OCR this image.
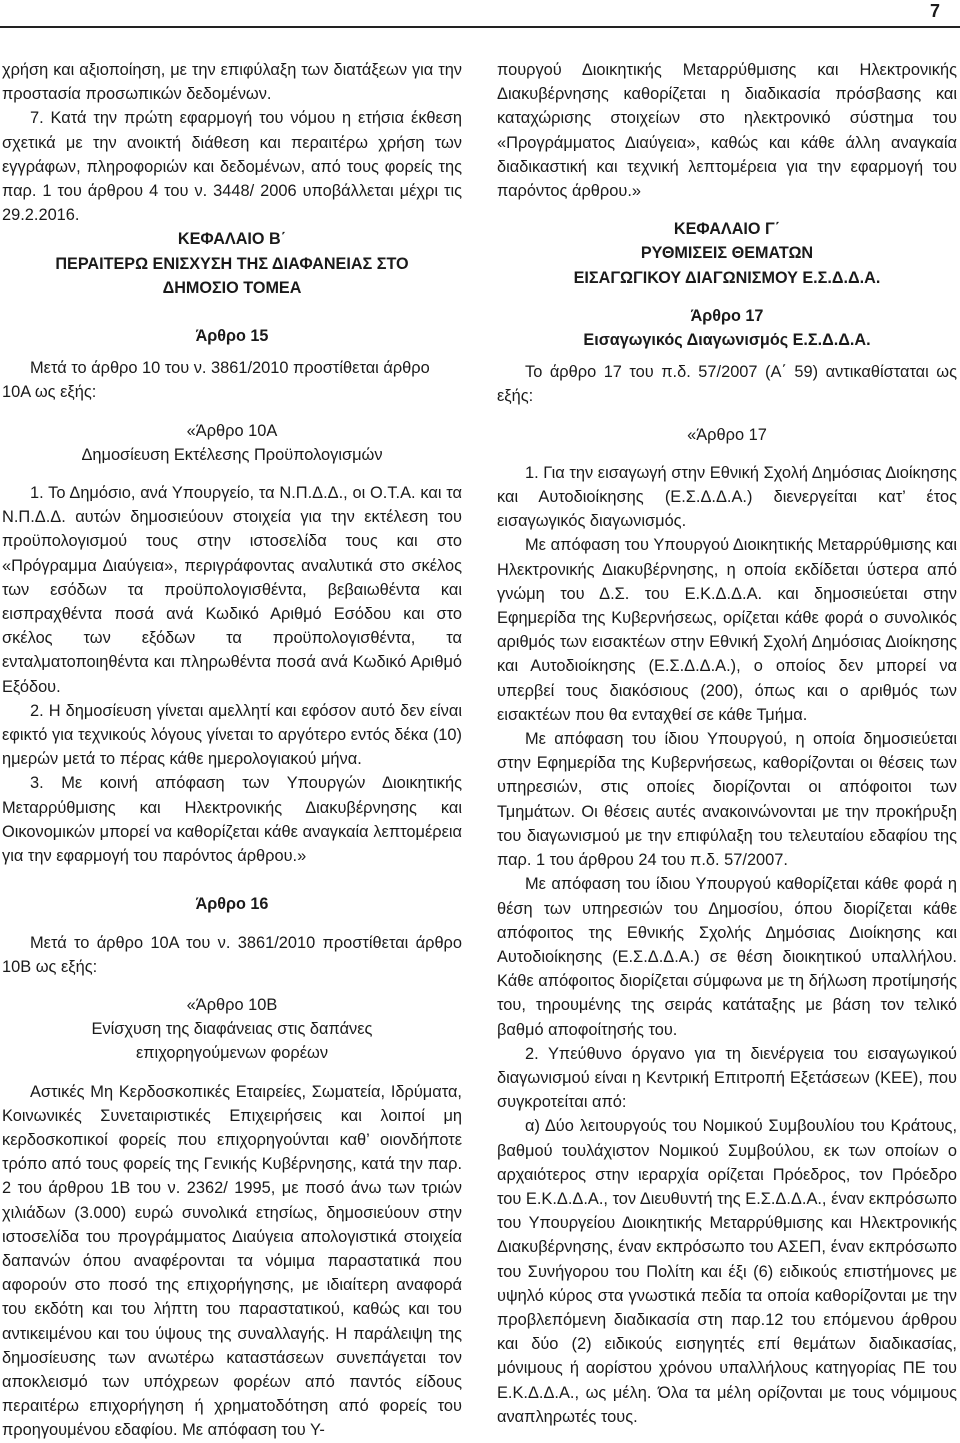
7

χρήση και αξιοποίηση, με την επιφύλαξη των διατάξεων για την προστασία προσωπικών δεδομένων.

7. Κατά την πρώτη εφαρμογή του νόμου η ετήσια έκθεση σχετικά με την ανοικτή διάθεση και περαιτέρω χρήση των εγγράφων, πληροφοριών και δεδομένων, από τους φορείς της παρ. 1 του άρθρου 4 του ν. 3448/ 2006 υποβάλλεται μέχρι τις 29.2.2016.

ΚΕΦΑΛΑΙΟ Β΄
ΠΕΡΑΙΤΕΡΩ ΕΝΙΣΧΥΣΗ ΤΗΣ ΔΙΑΦΑΝΕΙΑΣ ΣΤΟ
ΔΗΜΟΣΙΟ ΤΟΜΕΑ
Άρθρο 15

Μετά το άρθρο 10 του ν. 3861/2010 προστίθεται άρθρο 10Α ως εξής:

«Άρθρο 10Α
Δημοσίευση Εκτέλεσης Προϋπολογισμών

1. Το Δημόσιο, ανά Υπουργείο, τα Ν.Π.Δ.Δ., οι Ο.Τ.Α. και τα Ν.Π.Δ.Δ. αυτών δημοσιεύουν στοιχεία για την εκτέλεση του προϋπολογισμού τους στην ιστοσελίδα τους και στο «Πρόγραμμα Διαύγεια», περιγράφοντας αναλυτικά στο σκέλος των εσόδων τα προϋπολογισθέντα, βεβαιωθέντα και εισπραχθέντα ποσά ανά Κωδικό Αριθμό Εσόδου και στο σκέλος των εξόδων τα προϋπολογισθέντα, τα ενταλματοποιηθέντα και πληρωθέντα ποσά ανά Κωδικό Αριθμό Εξόδου.

2. Η δημοσίευση γίνεται αμελλητί και εφόσον αυτό δεν είναι εφικτό για τεχνικούς λόγους γίνεται το αργότερο εντός δέκα (10) ημερών μετά το πέρας κάθε ημερολογιακού μήνα.

3. Με κοινή απόφαση των Υπουργών Διοικητικής Μεταρρύθμισης και Ηλεκτρονικής Διακυβέρνησης και Οικονομικών μπορεί να καθορίζεται κάθε αναγκαία λεπτομέρεια για την εφαρμογή του παρόντος άρθρου.»

Άρθρο 16

Μετά το άρθρο 10Α του ν. 3861/2010 προστίθεται άρθρο 10Β ως εξής:

«Άρθρο 10Β
Ενίσχυση της διαφάνειας στις δαπάνες
επιχορηγούμενων φορέων

Αστικές Μη Κερδοσκοπικές Εταιρείες, Σωματεία, Ιδρύματα, Κοινωνικές Συνεταιριστικές Επιχειρήσεις και λοιποί μη κερδοσκοπικοί φορείς που επιχορηγούνται καθ’ οιονδήποτε τρόπο από τους φορείς της Γενικής Κυβέρνησης, κατά την παρ. 2 του άρθρου 1Β του ν. 2362/ 1995, με ποσό άνω των τριών χιλιάδων (3.000) ευρώ συνολικά ετησίως, δημοσιεύουν στην ιστοσελίδα του προγράμματος Διαύγεια απολογιστικά στοιχεία δαπανών όπου αναφέρονται τα νόμιμα παραστατικά που αφορούν στο ποσό της επιχορήγησης, με ιδιαίτερη αναφορά του εκδότη και του λήπτη του παραστατικού, καθώς και του αντικειμένου και του ύψους της συναλλαγής. Η παράλειψη της δημοσίευσης των ανωτέρω καταστάσεων συνεπάγεται τον αποκλεισμό των υπόχρεων φορέων από παντός είδους περαιτέρω επιχορήγηση ή χρηματοδότηση από φορείς του προηγουμένου εδαφίου. Με απόφαση του Υ-

πουργού Διοικητικής Μεταρρύθμισης και Ηλεκτρονικής Διακυβέρνησης καθορίζεται η διαδικασία πρόσβασης και καταχώρισης στοιχείων στο ηλεκτρονικό σύστημα του «Προγράμματος Διαύγεια», καθώς και κάθε άλλη αναγκαία διαδικαστική και τεχνική λεπτομέρεια για την εφαρμογή του παρόντος άρθρου.»

ΚΕΦΑΛΑΙΟ Γ΄
ΡΥΘΜΙΣΕΙΣ ΘΕΜΑΤΩΝ
ΕΙΣΑΓΩΓΙΚΟΥ ΔΙΑΓΩΝΙΣΜΟΥ Ε.Σ.Δ.Δ.Α.
Άρθρο 17
Εισαγωγικός Διαγωνισμός Ε.Σ.Δ.Δ.Α.

Το άρθρο 17 του π.δ. 57/2007 (Α΄ 59) αντικαθίσταται ως εξής:

«Άρθρο 17

1. Για την εισαγωγή στην Εθνική Σχολή Δημόσιας Διοίκησης και Αυτοδιοίκησης (Ε.Σ.Δ.Δ.Α.) διενεργείται κατ’ έτος εισαγωγικός διαγωνισμός.

Με απόφαση του Υπουργού Διοικητικής Μεταρρύθμισης και Ηλεκτρονικής Διακυβέρνησης, η οποία εκδίδεται ύστερα από γνώμη του Δ.Σ. του Ε.Κ.Δ.Δ.Α. και δημοσιεύεται στην Εφημερίδα της Κυβερνήσεως, ορίζεται κάθε φορά ο συνολικός αριθμός των εισακτέων στην Εθνική Σχολή Δημόσιας Διοίκησης και Αυτοδιοίκησης (Ε.Σ.Δ.Δ.Α.), ο οποίος δεν μπορεί να υπερβεί τους διακόσιους (200), όπως και ο αριθμός των εισακτέων που θα ενταχθεί σε κάθε Τμήμα.

Με απόφαση του ίδιου Υπουργού, η οποία δημοσιεύεται στην Εφημερίδα της Κυβερνήσεως, καθορίζονται οι θέσεις των υπηρεσιών, στις οποίες διορίζονται οι απόφοιτοι των Τμημάτων. Οι θέσεις αυτές ανακοινώνονται με την προκήρυξη του διαγωνισμού με την επιφύλαξη του τελευταίου εδαφίου της παρ. 1 του άρθρου 24 του π.δ. 57/2007.

Με απόφαση του ίδιου Υπουργού καθορίζεται κάθε φορά η θέση των υπηρεσιών του Δημοσίου, όπου διορίζεται κάθε απόφοιτος της Εθνικής Σχολής Δημόσιας Διοίκησης και Αυτοδιοίκησης (Ε.Σ.Δ.Δ.Α.) σε θέση διοικητικού υπαλλήλου. Κάθε απόφοιτος διορίζεται σύμφωνα με τη δήλωση προτίμησής του, τηρουμένης της σειράς κατάταξης με βάση τον τελικό βαθμό αποφοίτησής του.

2. Υπεύθυνο όργανο για τη διενέργεια του εισαγωγικού διαγωνισμού είναι η Κεντρική Επιτροπή Εξετάσεων (ΚΕΕ), που συγκροτείται από:

α) Δύο λειτουργούς του Νομικού Συμβουλίου του Κράτους, βαθμού τουλάχιστον Νομικού Συμβούλου, εκ των οποίων ο αρχαιότερος στην ιεραρχία ορίζεται Πρόεδρος, τον Πρόεδρο του Ε.Κ.Δ.Δ.Α., τον Διευθυντή της Ε.Σ.Δ.Δ.Α., έναν εκπρόσωπο του Υπουργείου Διοικητικής Μεταρρύθμισης και Ηλεκτρονικής Διακυβέρνησης, έναν εκπρόσωπο του ΑΣΕΠ, έναν εκπρόσωπο του Συνήγορου του Πολίτη και έξι (6) ειδικούς επιστήμονες με υψηλό κύρος στα γνωστικά πεδία τα οποία καθορίζονται με την προβλεπόμενη διαδικασία στη παρ.12 του επόμενου άρθρου και δύο (2) ειδικούς εισηγητές επί θεμάτων διαδικασίας, μόνιμους ή αορίστου χρόνου υπαλλήλους κατηγορίας ΠΕ του Ε.Κ.Δ.Δ.Α., ως μέλη. Όλα τα μέλη ορίζονται με τους νόμιμους αναπληρωτές τους.
